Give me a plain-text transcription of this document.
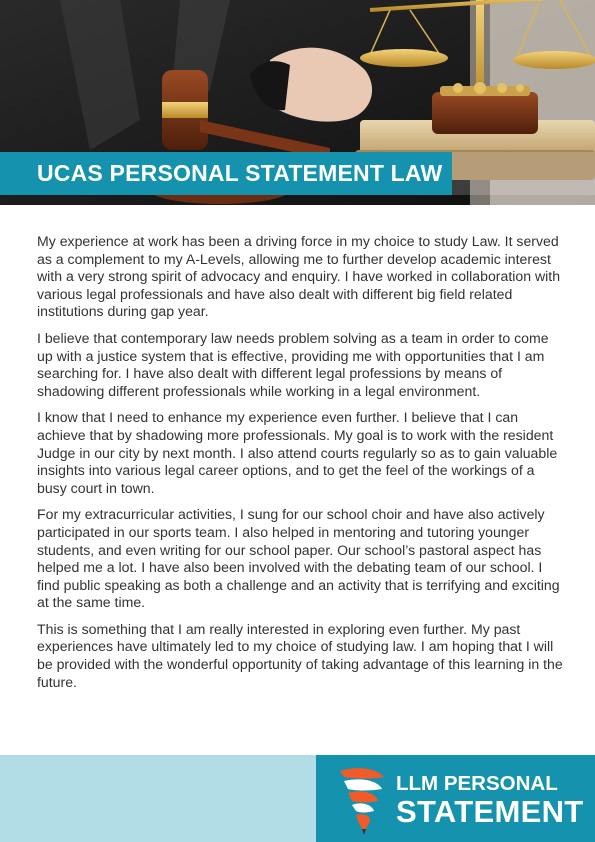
UCAS PERSONAL STATEMENT LAW

My experience at work has been a driving force in my choice to study Law. It served as a complement to my A-Levels, allowing me to further develop academic interest with a very strong spirit of advocacy and enquiry. I have worked in collaboration with various legal professionals and have also dealt with different big field related institutions during gap year.

I believe that contemporary law needs problem solving as a team in order to come up with a justice system that is effective, providing me with opportunities that I am searching for. I have also dealt with different legal professions by means of shadowing different professionals while working in a legal environment.

I know that I need to enhance my experience even further. I believe that I can achieve that by shadowing more professionals. My goal is to work with the resident Judge in our city by next month. I also attend courts regularly so as to gain valuable insights into various legal career options, and to get the feel of the workings of a busy court in town.

For my extracurricular activities, I sung for our school choir and have also actively participated in our sports team. I also helped in mentoring and tutoring younger students, and even writing for our school paper. Our school’s pastoral aspect has helped me a lot. I have also been involved with the debating team of our school. I find public speaking as both a challenge and an activity that is terrifying and exciting at the same time.

This is something that I am really interested in exploring even further. My past experiences have ultimately led to my choice of studying law. I am hoping that I will be provided with the wonderful opportunity of taking advantage of this learning in the future.

LLM PERSONAL
STATEMENT
